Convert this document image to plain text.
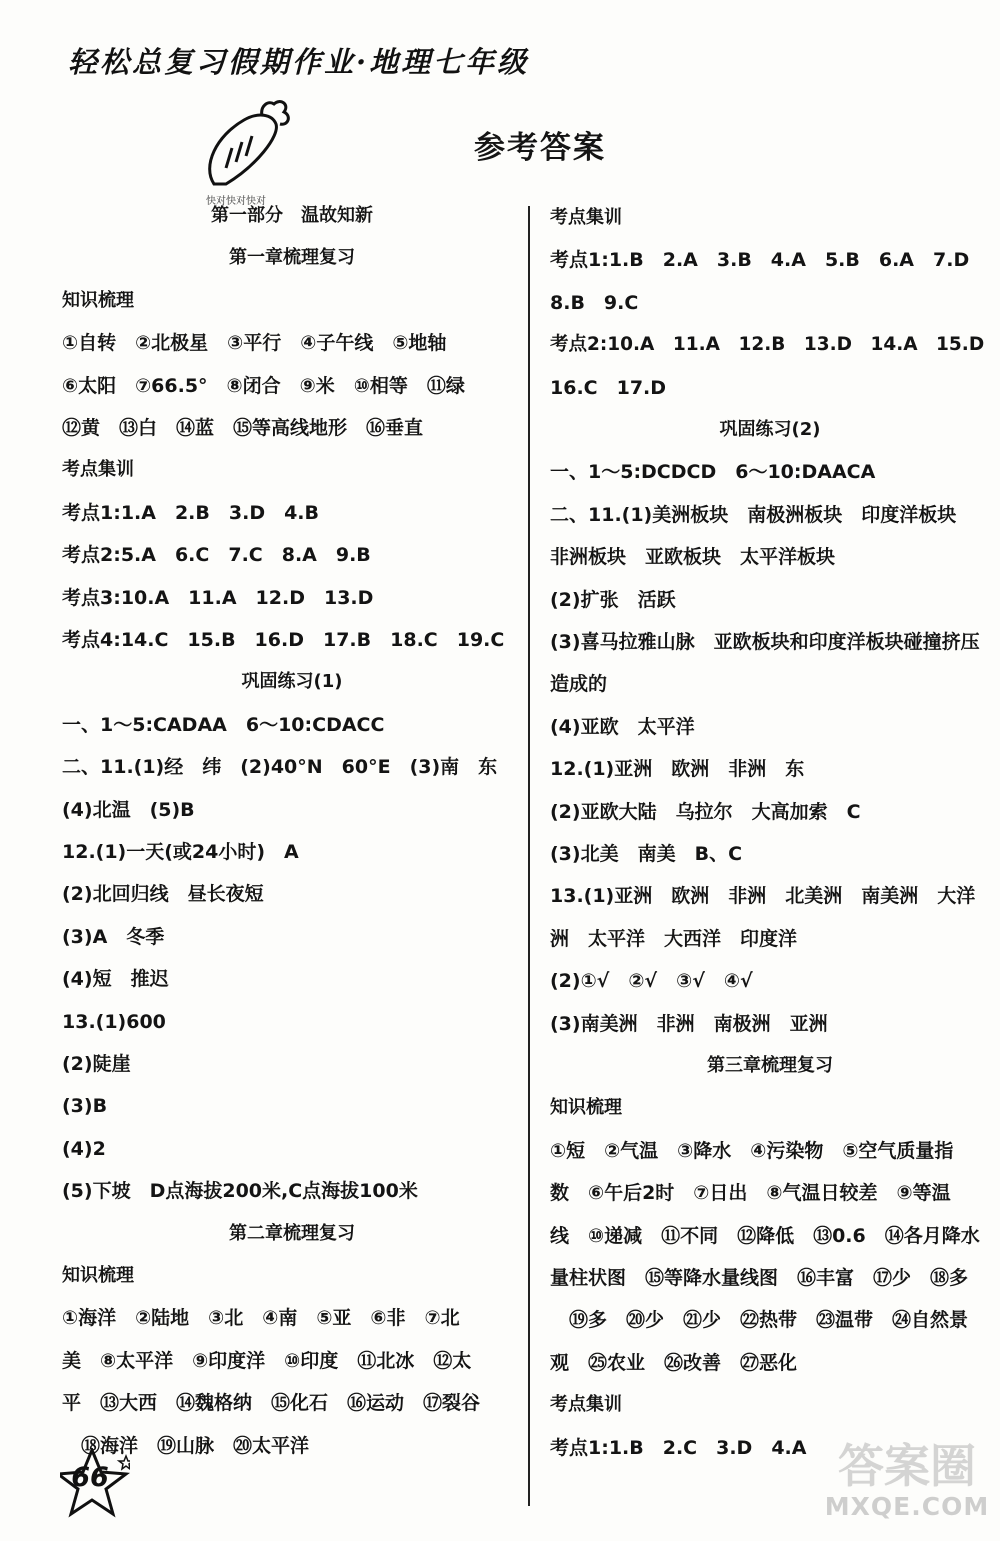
轻松总复习假期作业·地理七年级
快对快对快对
参考答案
第一部分　温故知新
第一章梳理复习
知识梳理
①自转　②北极星　③平行　④子午线　⑤地轴
⑥太阳　⑦66.5°　⑧闭合　⑨米　⑩相等　⑪绿
⑫黄　⑬白　⑭蓝　⑮等高线地形　⑯垂直
考点集训
考点1:1.A　2.B　3.D　4.B
考点2:5.A　6.C　7.C　8.A　9.B
考点3:10.A　11.A　12.D　13.D
考点4:14.C　15.B　16.D　17.B　18.C　19.C
巩固练习(1)
一、1～5:CADAA　6～10:CDACC
二、11.(1)经　纬　(2)40°N　60°E　(3)南　东
(4)北温　(5)B
12.(1)一天(或24小时)　A
(2)北回归线　昼长夜短
(3)A　冬季
(4)短　推迟
13.(1)600
(2)陡崖
(3)B
(4)2
(5)下坡　D点海拔200米,C点海拔100米
第二章梳理复习
知识梳理
①海洋　②陆地　③北　④南　⑤亚　⑥非　⑦北
美　⑧太平洋　⑨印度洋　⑩印度　⑪北冰　⑫太
平　⑬大西　⑭魏格纳　⑮化石　⑯运动　⑰裂谷
　⑱海洋　⑲山脉　⑳太平洋
考点集训
考点1:1.B　2.A　3.B　4.A　5.B　6.A　7.D
8.B　9.C
考点2:10.A　11.A　12.B　13.D　14.A　15.D
16.C　17.D
巩固练习(2)
一、1～5:DCDCD　6～10:DAACA
二、11.(1)美洲板块　南极洲板块　印度洋板块
非洲板块　亚欧板块　太平洋板块
(2)扩张　活跃
(3)喜马拉雅山脉　亚欧板块和印度洋板块碰撞挤压
造成的
(4)亚欧　太平洋
12.(1)亚洲　欧洲　非洲　东
(2)亚欧大陆　乌拉尔　大高加索　C
(3)北美　南美　B、C
13.(1)亚洲　欧洲　非洲　北美洲　南美洲　大洋
洲　太平洋　大西洋　印度洋
(2)①√　②√　③√　④√
(3)南美洲　非洲　南极洲　亚洲
第三章梳理复习
知识梳理
①短　②气温　③降水　④污染物　⑤空气质量指
数　⑥午后2时　⑦日出　⑧气温日较差　⑨等温
线　⑩递减　⑪不同　⑫降低　⑬0.6　⑭各月降水
量柱状图　⑮等降水量线图　⑯丰富　⑰少　⑱多
　⑲多　⑳少　㉑少　㉒热带　㉓温带　㉔自然景
观　㉕农业　㉖改善　㉗恶化
考点集训
考点1:1.B　2.C　3.D　4.A
66	答案圈
MXQE.COM
